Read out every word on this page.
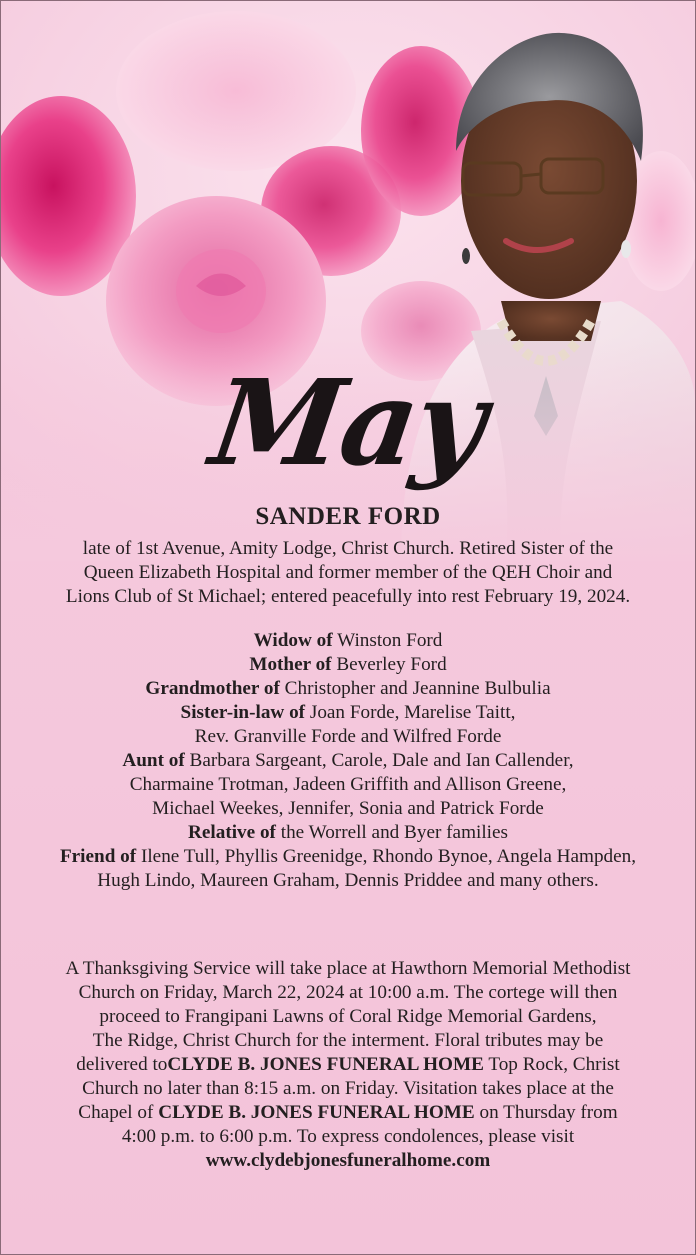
May
SANDER FORD
late of 1st Avenue, Amity Lodge, Christ Church. Retired Sister of the
Queen Elizabeth Hospital and former member of the QEH Choir and
Lions Club of St Michael; entered peacefully into rest February 19, 2024.
Widow of Winston Ford
Mother of Beverley Ford
Grandmother of Christopher and Jeannine Bulbulia
Sister-in-law of Joan Forde, Marelise Taitt,
Rev. Granville Forde and Wilfred Forde
Aunt of Barbara Sargeant, Carole, Dale and Ian Callender,
Charmaine Trotman, Jadeen Griffith and Allison Greene,
Michael Weekes, Jennifer, Sonia and Patrick Forde
Relative of the Worrell and Byer families
Friend of Ilene Tull, Phyllis Greenidge, Rhondo Bynoe, Angela Hampden,
Hugh Lindo, Maureen Graham, Dennis Priddee and many others.
A Thanksgiving Service will take place at Hawthorn Memorial Methodist
Church on Friday, March 22, 2024 at 10:00 a.m. The cortege will then
proceed to Frangipani Lawns of Coral Ridge Memorial Gardens,
The Ridge, Christ Church for the interment. Floral tributes may be
delivered toCLYDE B. JONES FUNERAL HOME Top Rock, Christ
Church no later than 8:15 a.m. on Friday. Visitation takes place at the
Chapel of CLYDE B. JONES FUNERAL HOME on Thursday from
4:00 p.m. to 6:00 p.m. To express condolences, please visit
www.clydebjonesfuneralhome.com
